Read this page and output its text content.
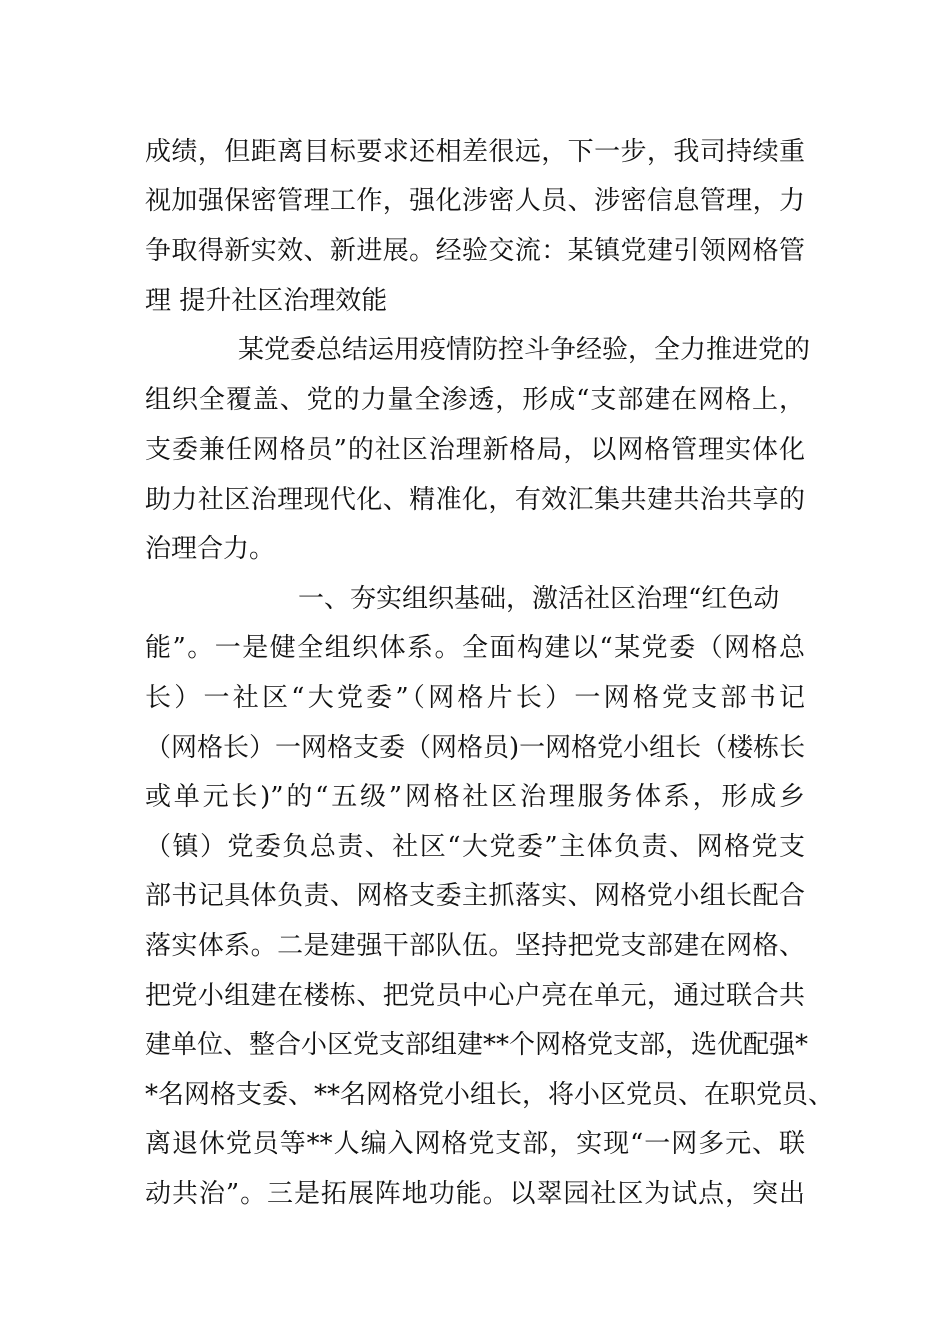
成绩，但距离目标要求还相差很远，下一步，我司持续重
视加强保密管理工作，强化涉密人员、涉密信息管理，力
争取得新实效、新进展。经验交流：某镇党建引领网格管
理 提升社区治理效能
某党委总结运用疫情防控斗争经验，全力推进党的
组织全覆盖、党的力量全渗透，形成“支部建在网格上，
支委兼任网格员”的社区治理新格局，以网格管理实体化
助力社区治理现代化、精准化，有效汇集共建共治共享的
治理合力。
一、夯实组织基础，激活社区治理“红色动
能”。一是健全组织体系。全面构建以“某党委（网格总
长）一社区“大党委”（网格片长）一网格党支部书记
（网格长）一网格支委（网格员)一网格党小组长（楼栋长
或单元长)”的“五级”网格社区治理服务体系，形成乡
（镇）党委负总责、社区“大党委”主体负责、网格党支
部书记具体负责、网格支委主抓落实、网格党小组长配合
落实体系。二是建强干部队伍。坚持把党支部建在网格、
把党小组建在楼栋、把党员中心户亮在单元，通过联合共
建单位、整合小区党支部组建**个网格党支部，选优配强*
*名网格支委、**名网格党小组长，将小区党员、在职党员、
离退休党员等**人编入网格党支部，实现“一网多元、联
动共治”。三是拓展阵地功能。以翠园社区为试点，突出
